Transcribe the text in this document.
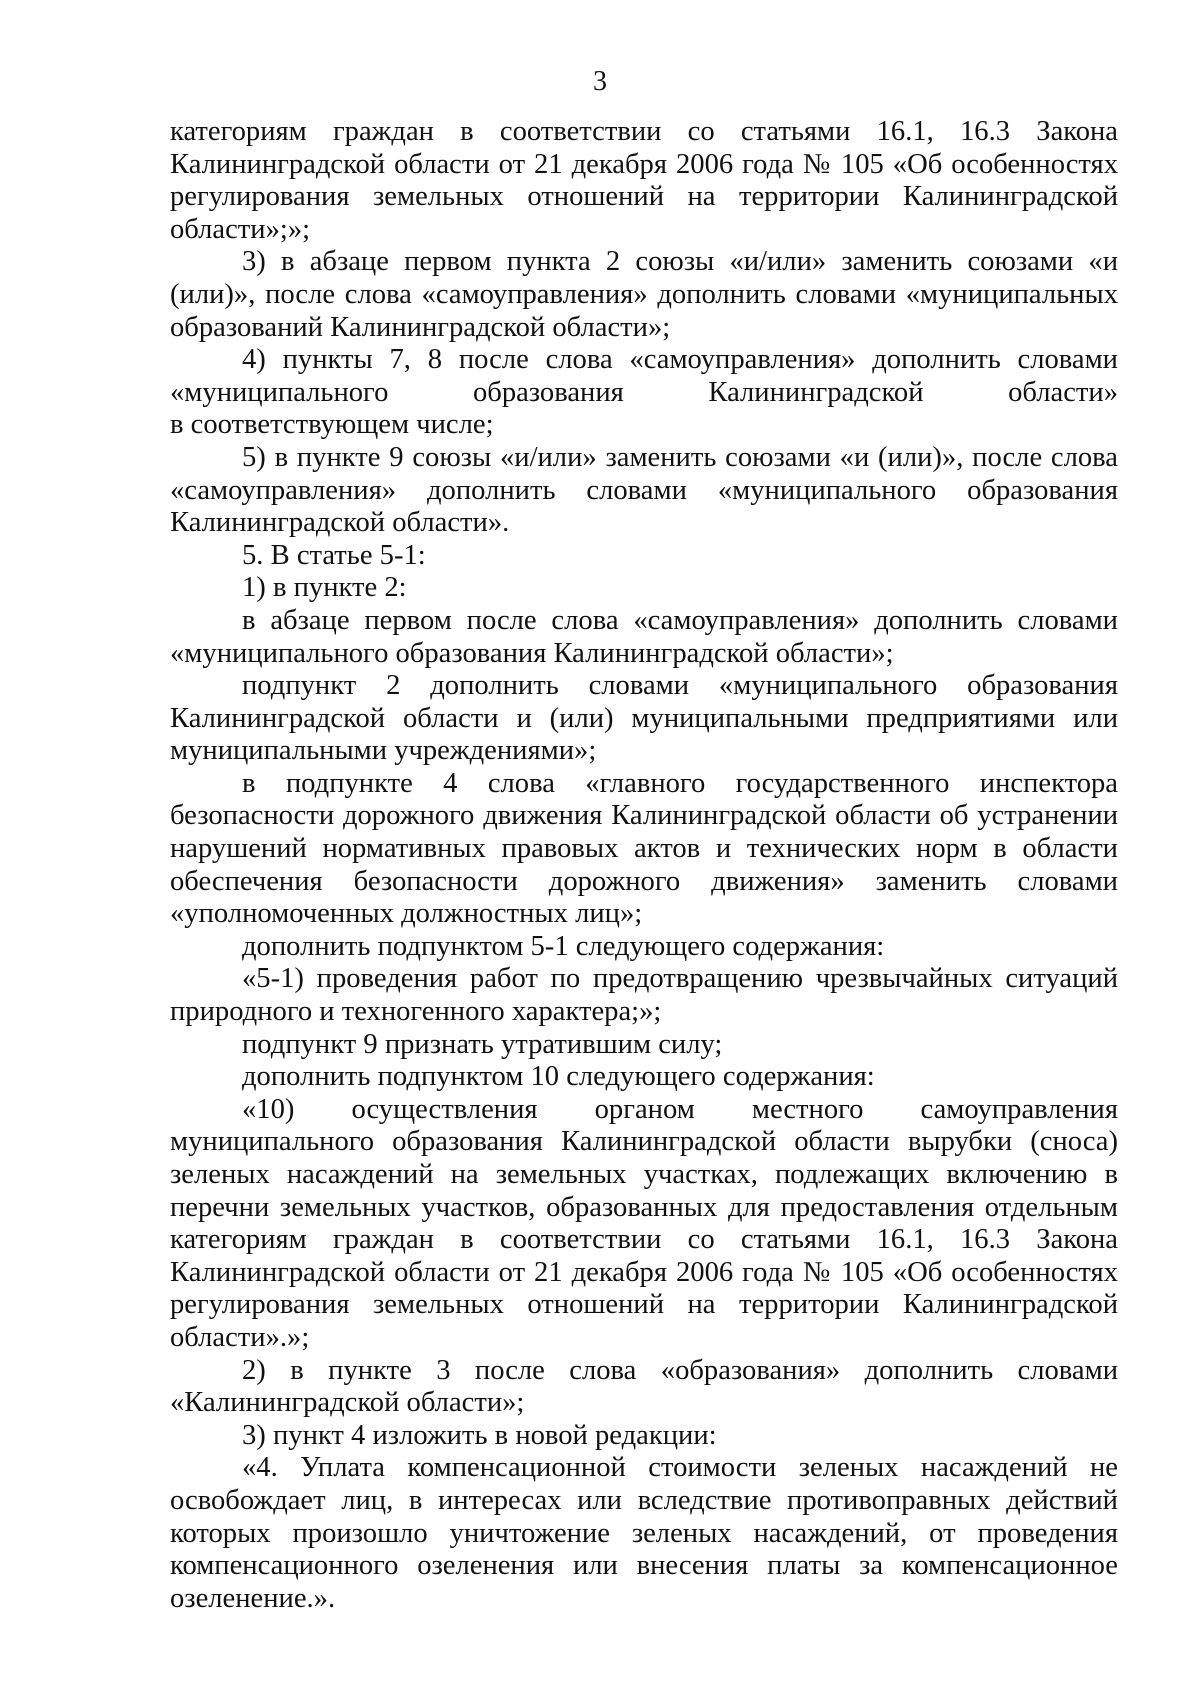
3

категориям граждан в соответствии со статьями 16.1, 16.3 Закона Калининградской области от 21 декабря 2006 года № 105 «Об особенностях регулирования земельных отношений на территории Калининградской области»;»;

3) в абзаце первом пункта 2 союзы «и/или» заменить союзами «и (или)», после слова «самоуправления» дополнить словами «муниципальных образований Калининградской области»;

4) пункты 7, 8 после слова «самоуправления» дополнить словами «муниципального образования Калининградской области»

в соответствующем числе;

5) в пункте 9 союзы «и/или» заменить союзами «и (или)», после слова «самоуправления» дополнить словами «муниципального образования Калининградской области».

5. В статье 5-1:

1) в пункте 2:

в абзаце первом после слова «самоуправления» дополнить словами «муниципального образования Калининградской области»;

подпункт 2 дополнить словами «муниципального образования Калининградской области и (или) муниципальными предприятиями или муниципальными учреждениями»;

в подпункте 4 слова «главного государственного инспектора безопасности дорожного движения Калининградской области об устранении нарушений нормативных правовых актов и технических норм в области обеспечения безопасности дорожного движения» заменить словами «уполномоченных должностных лиц»;

дополнить подпунктом 5-1 следующего содержания:

«5-1) проведения работ по предотвращению чрезвычайных ситуаций природного и техногенного характера;»;

подпункт 9 признать утратившим силу;

дополнить подпунктом 10 следующего содержания:

«10) осуществления органом местного самоуправления муниципального образования Калининградской области вырубки (сноса) зеленых насаждений на земельных участках, подлежащих включению в перечни земельных участков, образованных для предоставления отдельным категориям граждан в соответствии со статьями 16.1, 16.3 Закона Калининградской области от 21 декабря 2006 года № 105 «Об особенностях регулирования земельных отношений на территории Калининградской области».»;

2) в пункте 3 после слова «образования» дополнить словами «Калининградской области»;

3) пункт 4 изложить в новой редакции:

«4. Уплата компенсационной стоимости зеленых насаждений не освобождает лиц, в интересах или вследствие противоправных действий которых произошло уничтожение зеленых насаждений, от проведения компенсационного озеленения или внесения платы за компенсационное озеленение.».
